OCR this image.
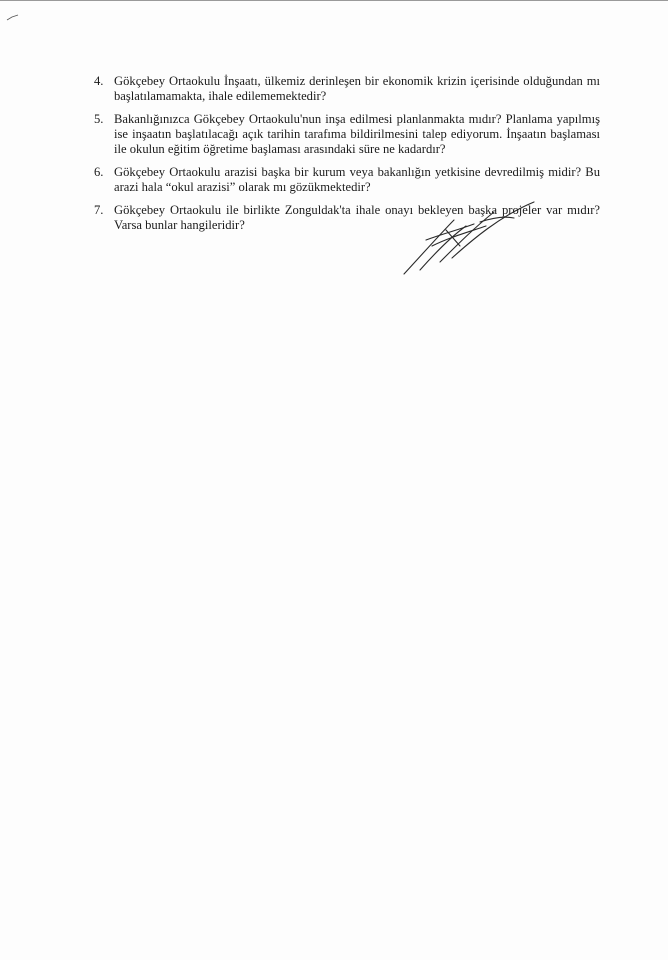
4. Gökçebey Ortaokulu İnşaatı, ülkemiz derinleşen bir ekonomik krizin içerisinde olduğundan mı başlatılamamakta, ihale edilememektedir?
5. Bakanlığınızca Gökçebey Ortaokulu'nun inşa edilmesi planlanmakta mıdır? Planlama yapılmış ise inşaatın başlatılacağı açık tarihin tarafıma bildirilmesini talep ediyorum. İnşaatın başlaması ile okulun eğitim öğretime başlaması arasındaki süre ne kadardır?
6. Gökçebey Ortaokulu arazisi başka bir kurum veya bakanlığın yetkisine devredilmiş midir? Bu arazi hala “okul arazisi” olarak mı gözükmektedir?
7. Gökçebey Ortaokulu ile birlikte Zonguldak'ta ihale onayı bekleyen başka projeler var mıdır? Varsa bunlar hangileridir?
